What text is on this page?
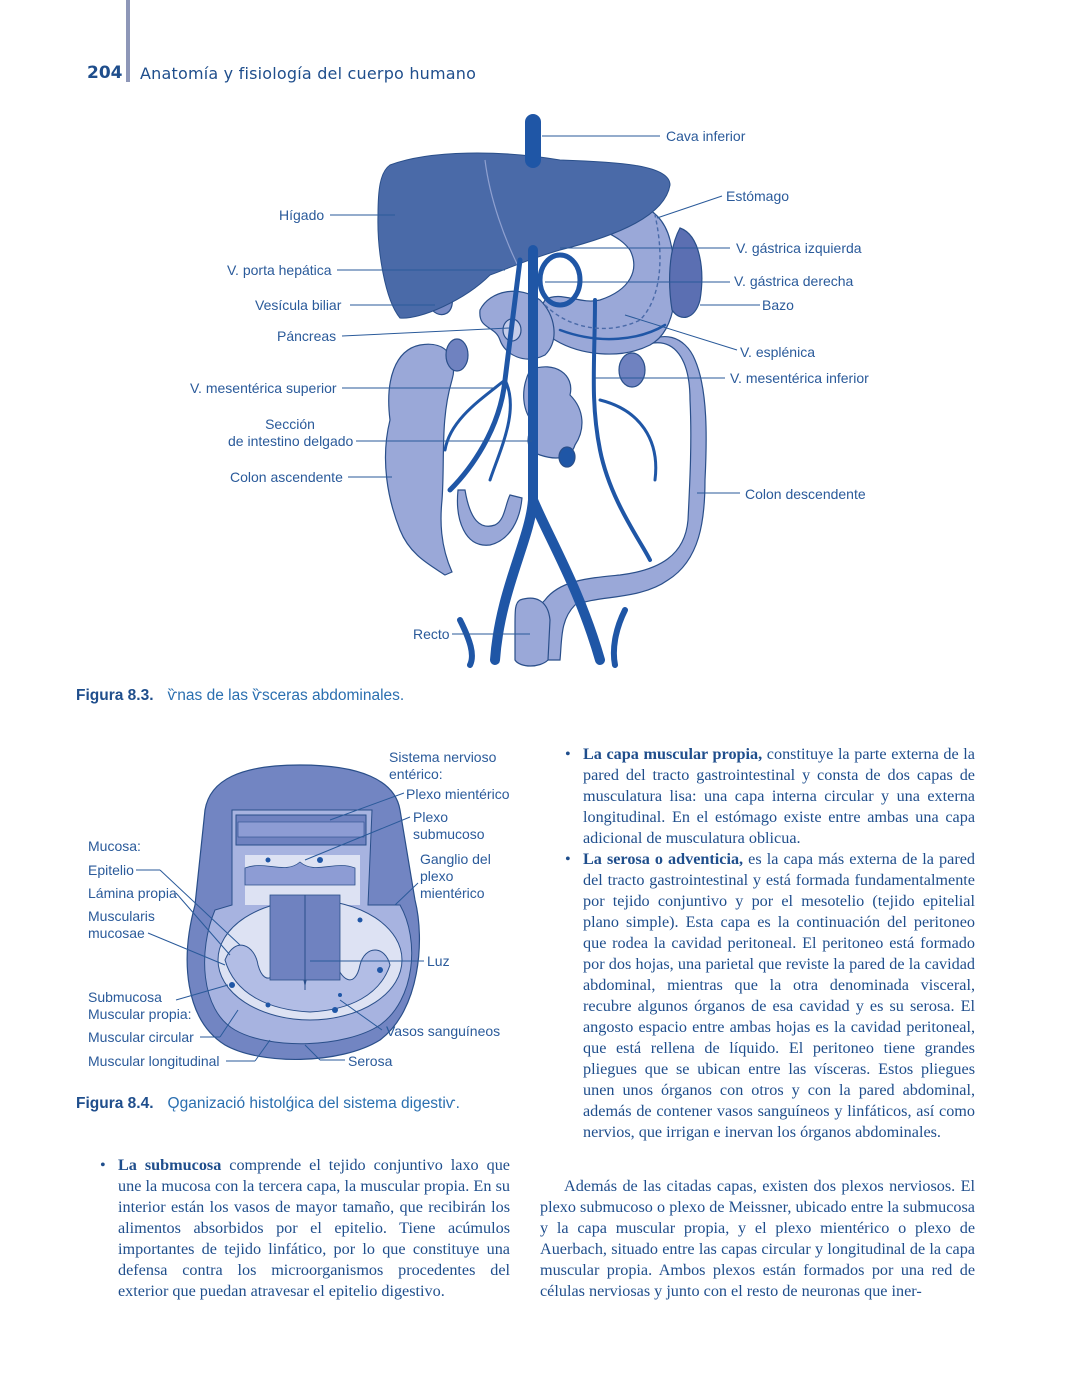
204 Anatomía y fisiología del cuerpo humano
Cava inferior
Estómago
Hígado
V. gástrica izquierda
V. porta hepática
V. gástrica derecha
Vesícula biliar	Bazo
Páncreas
V. esplénica
V. mesentérica superior
V. mesentérica inferior
Sección
de intestino delgado
Colon ascendente
Colon descendente
Recto
Figura 8.3. ѷnas de las ѷsceras abdominales.
Sistema nervioso
entérico:
Plexo mientérico
Plexo
submucoso
Ganglio del
plexo
mientérico
Mucosa:
Epitelio
Lámina propia
Muscularis
mucosae
Luz
Submucosa
Muscular propia:
Muscular circular	Vasos sanguíneos
Muscular longitudinal	Serosa
Figura 8.4. Ǫganizació histolǵica del sistema digestiѵ.
• La submucosa comprende el tejido conjuntivo laxo que une la mucosa con la tercera capa, la muscular propia. En su interior están los vasos de mayor tamaño, que recibirán los alimentos absorbidos por el epitelio. Tiene acúmulos importantes de tejido linfático, por lo que constituye una defensa contra los microorganismos procedentes del exterior que puedan atravesar el epitelio digestivo.
• La capa muscular propia, constituye la parte externa de la pared del tracto gastrointestinal y consta de dos capas de musculatura lisa: una capa interna circular y una externa longitudinal. En el estómago existe entre ambas una capa adicional de musculatura oblicua.
• La serosa o adventicia, es la capa más externa de la pared del tracto gastrointestinal y está formada fundamentalmente por tejido conjuntivo y por el mesotelio (tejido epitelial plano simple). Esta capa es la continuación del peritoneo que rodea la cavidad peritoneal. El peritoneo está formado por dos hojas, una parietal que reviste la pared de la cavidad abdominal, mientras que la otra denominada visceral, recubre algunos órganos de esa cavidad y es su serosa. El angosto espacio entre ambas hojas es la cavidad peritoneal, que está rellena de líquido. El peritoneo tiene grandes pliegues que se ubican entre las vísceras. Estos pliegues unen unos órganos con otros y con la pared abdominal, además de contener vasos sanguíneos y linfáticos, así como nervios, que irrigan e inervan los órganos abdominales.

Además de las citadas capas, existen dos plexos nerviosos. El plexo submucoso o plexo de Meissner, ubicado entre la submucosa y la capa muscular propia, y el plexo mientérico o plexo de Auerbach, situado entre las capas circular y longitudinal de la capa muscular propia. Ambos plexos están formados por una red de células nerviosas y junto con el resto de neuronas que iner-
